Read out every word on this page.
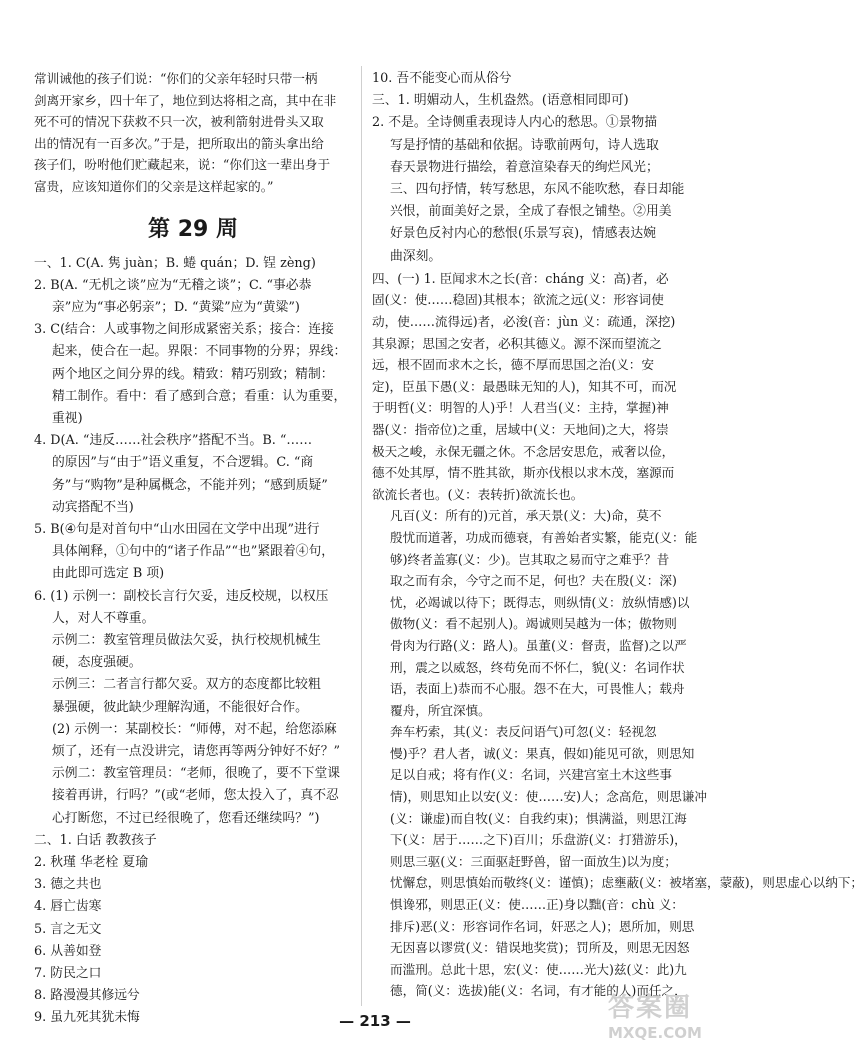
常训诫他的孩子们说：“你们的父亲年轻时只带一柄
剑离开家乡，四十年了，地位到达将相之高，其中在非
死不可的情况下获救不只一次，被利箭射进骨头又取
出的情况有一百多次。”于是，把所取出的箭头拿出给
孩子们，吩咐他们贮藏起来，说：“你们这一辈出身于
富贵，应该知道你们的父亲是这样起家的。”

第 29 周

一、1. C(A. 隽 juàn；B. 蜷 quán；D. 锃 zèng)

2. B(A. “无机之谈”应为“无稽之谈”；C. “事必恭
亲”应为“事必躬亲”；D. “黄粱”应为“黄粱”)

3. C(结合：人或事物之间形成紧密关系；接合：连接
起来，使合在一起。界限：不同事物的分界；界线：
两个地区之间分界的线。精致：精巧别致；精制：
精工制作。看中：看了感到合意；看重：认为重要，
重视)

4. D(A. “违反……社会秩序”搭配不当。B. “……
的原因”与“由于”语义重复，不合逻辑。C. “商
务”与“购物”是种属概念，不能并列；“感到质疑”
动宾搭配不当)

5. B(④句是对首句中“山水田园在文学中出现”进行
具体阐释，①句中的“诸子作品”“也”紧跟着④句，
由此即可选定 B 项)

6. (1) 示例一：副校长言行欠妥，违反校规，以权压
人，对人不尊重。
示例二：教室管理员做法欠妥，执行校规机械生
硬，态度强硬。
示例三：二者言行都欠妥。双方的态度都比较粗
暴强硬，彼此缺少理解沟通，不能很好合作。
(2) 示例一：某副校长：“师傅，对不起，给您添麻
烦了，还有一点没讲完，请您再等两分钟好不好？”
示例二：教室管理员：“老师，很晚了，要不下堂课
接着再讲，行吗？”(或“老师，您太投入了，真不忍
心打断您，不过已经很晚了，您看还继续吗？”)

二、1. 白话 教教孩子

2. 秋瑾 华老栓 夏瑜

3. 德之共也

4. 唇亡齿寒

5. 言之无文

6. 从善如登

7. 防民之口

8. 路漫漫其修远兮

9. 虽九死其犹未悔

10. 吾不能变心而从俗兮

三、1. 明媚动人，生机盎然。(语意相同即可)

2. 不是。全诗侧重表现诗人内心的愁思。①景物描
写是抒情的基础和依据。诗歌前两句，诗人选取
春天景物进行描绘，着意渲染春天的绚烂风光；
三、四句抒情，转写愁思，东风不能吹愁，春日却能
兴恨，前面美好之景，全成了春恨之铺垫。②用美
好景色反衬内心的愁恨(乐景写哀)，情感表达婉
曲深刻。

四、(一) 1. 臣闻求木之长(音：cháng 义：高)者，必
固(义：使……稳固)其根本；欲流之远(义：形容词使
动，使……流得远)者，必浚(音：jùn 义：疏通，深挖)
其泉源；思国之安者，必积其德义。源不深而望流之
远，根不固而求木之长，德不厚而思国之治(义：安
定)，臣虽下愚(义：最愚昧无知的人)，知其不可，而况
于明哲(义：明智的人)乎！人君当(义：主持，掌握)神
器(义：指帝位)之重，居域中(义：天地间)之大，将崇
极天之峻，永保无疆之休。不念居安思危，戒奢以俭，
德不处其厚，情不胜其欲，斯亦伐根以求木茂，塞源而
欲流长者也。(义：表转折)欲流长也。

凡百(义：所有的)元首，承天景(义：大)命，莫不
殷忧而道著，功成而德衰，有善始者实繁，能克(义：能
够)终者盖寡(义：少)。岂其取之易而守之难乎？昔
取之而有余，今守之而不足，何也？夫在殷(义：深)
忧，必竭诚以待下；既得志，则纵情(义：放纵情感)以
傲物(义：看不起别人)。竭诚则吴越为一体；傲物则
骨肉为行路(义：路人)。虽董(义：督责，监督)之以严
刑，震之以威怒，终苟免而不怀仁，貌(义：名词作状
语，表面上)恭而不心服。怨不在大，可畏惟人；载舟
覆舟，所宜深慎。

奔车朽索，其(义：表反问语气)可忽(义：轻视忽
慢)乎？君人者，诚(义：果真，假如)能见可欲，则思知
足以自戒；将有作(义：名词，兴建宫室土木这些事
情)，则思知止以安(义：使……安)人；念高危，则思谦冲
(义：谦虚)而自牧(义：自我约束)；惧满溢，则思江海
下(义：居于……之下)百川；乐盘游(义：打猎游乐)，
则思三驱(义：三面驱赶野兽，留一面放生)以为度；
忧懈怠，则思慎始而敬终(义：谨慎)；虑壅蔽(义：被堵塞，蒙蔽)，则思虚心以纳下；
惧谗邪，则思正(义：使……正)身以黜(音：chù 义：
排斥)恶(义：形容词作名词，奸恶之人)；恩所加，则思
无因喜以谬赏(义：错误地奖赏)；罚所及，则思无因怒
而滥刑。总此十思，宏(义：使……光大)兹(义：此)九
德，简(义：选拔)能(义：名词，有才能的人)而任之，

— 213 —	答案圈
MXQE.COM
